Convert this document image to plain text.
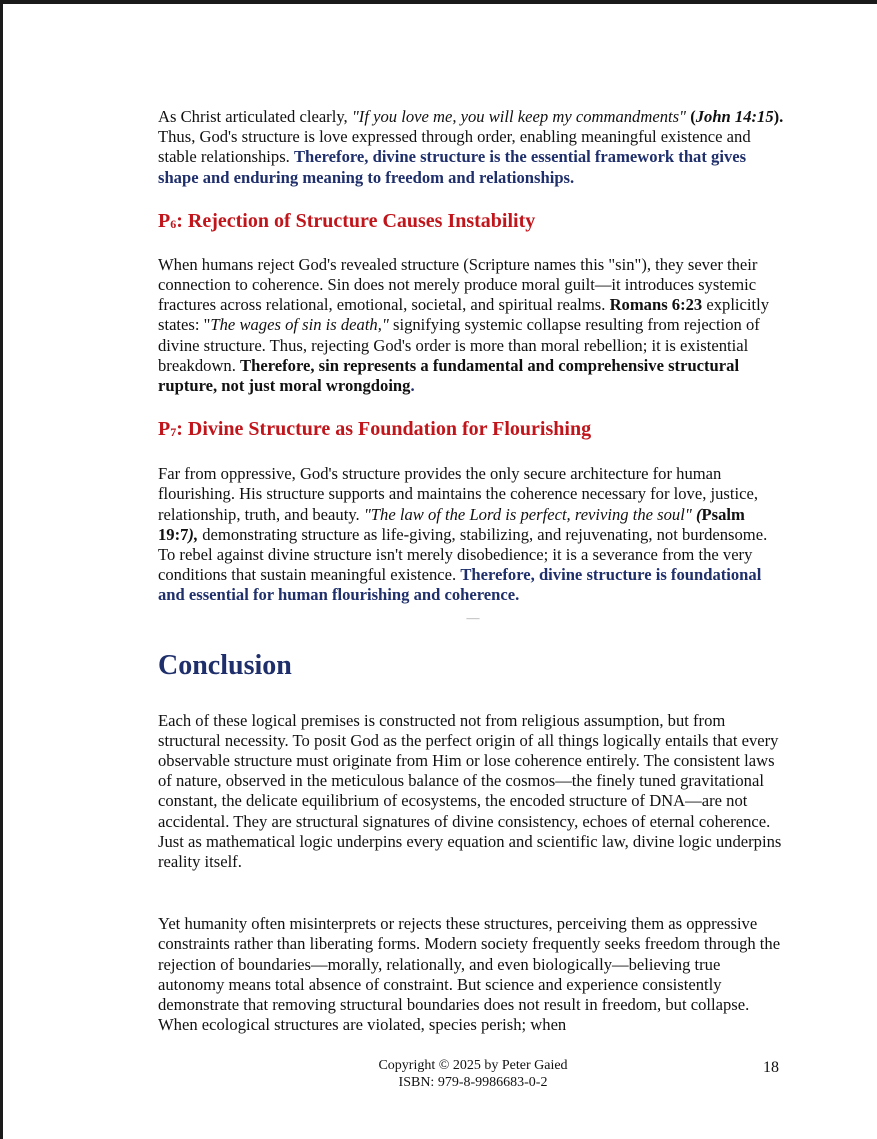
As Christ articulated clearly, "If you love me, you will keep my commandments" (John 14:15). Thus, God's structure is love expressed through order, enabling meaningful existence and stable relationships. Therefore, divine structure is the essential framework that gives shape and enduring meaning to freedom and relationships.

P6: Rejection of Structure Causes Instability

When humans reject God's revealed structure (Scripture names this "sin"), they sever their connection to coherence. Sin does not merely produce moral guilt—it introduces systemic fractures across relational, emotional, societal, and spiritual realms. Romans 6:23 explicitly states: "The wages of sin is death," signifying systemic collapse resulting from rejection of divine structure. Thus, rejecting God's order is more than moral rebellion; it is existential breakdown. Therefore, sin represents a fundamental and comprehensive structural rupture, not just moral wrongdoing.

P7: Divine Structure as Foundation for Flourishing

Far from oppressive, God's structure provides the only secure architecture for human flourishing. His structure supports and maintains the coherence necessary for love, justice, relationship, truth, and beauty. "The law of the Lord is perfect, reviving the soul" (Psalm 19:7), demonstrating structure as life-giving, stabilizing, and rejuvenating, not burdensome. To rebel against divine structure isn't merely disobedience; it is a severance from the very conditions that sustain meaningful existence. Therefore, divine structure is foundational and essential for human flourishing and coherence.

—
Conclusion

Each of these logical premises is constructed not from religious assumption, but from structural necessity. To posit God as the perfect origin of all things logically entails that every observable structure must originate from Him or lose coherence entirely. The consistent laws of nature, observed in the meticulous balance of the cosmos—the finely tuned gravitational constant, the delicate equilibrium of ecosystems, the encoded structure of DNA—are not accidental. They are structural signatures of divine consistency, echoes of eternal coherence. Just as mathematical logic underpins every equation and scientific law, divine logic underpins reality itself.

Yet humanity often misinterprets or rejects these structures, perceiving them as oppressive constraints rather than liberating forms. Modern society frequently seeks freedom through the rejection of boundaries—morally, relationally, and even biologically—believing true autonomy means total absence of constraint. But science and experience consistently demonstrate that removing structural boundaries does not result in freedom, but collapse. When ecological structures are violated, species perish; when

Copyright © 2025 by Peter Gaied
ISBN: 979-8-9986683-0-2
18
